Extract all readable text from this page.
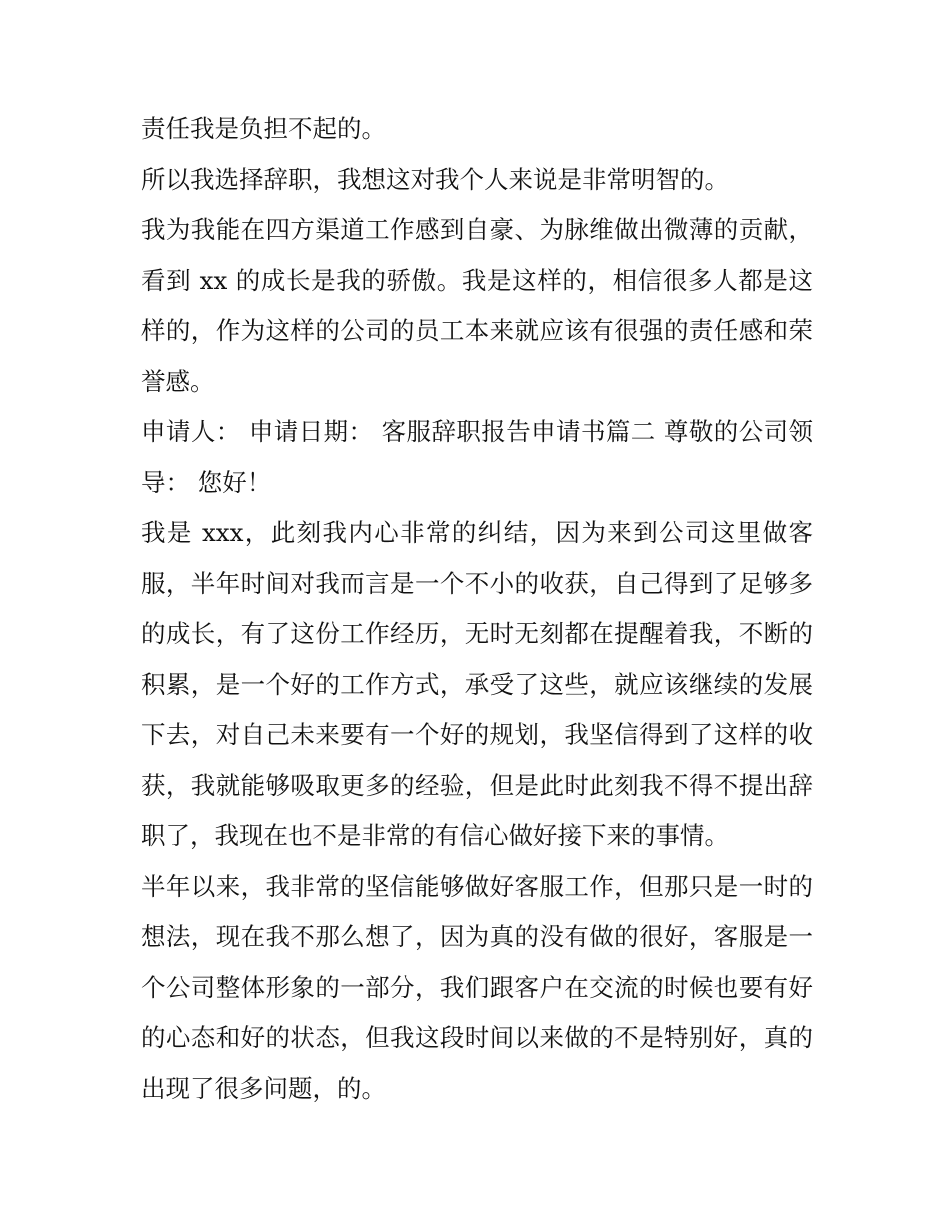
责任我是负担不起的。

所以我选择辞职，我想这对我个人来说是非常明智的。

我为我能在四方渠道工作感到自豪、为脉维做出微薄的贡献，看到 xx 的成长是我的骄傲。我是这样的，相信很多人都是这样的，作为这样的公司的员工本来就应该有很强的责任感和荣誉感。

申请人： 申请日期： 客服辞职报告申请书篇二 尊敬的公司领导： 您好！

我是 xxx，此刻我内心非常的纠结，因为来到公司这里做客服，半年时间对我而言是一个不小的收获，自己得到了足够多的成长，有了这份工作经历，无时无刻都在提醒着我，不断的积累，是一个好的工作方式，承受了这些，就应该继续的发展下去，对自己未来要有一个好的规划，我坚信得到了这样的收获，我就能够吸取更多的经验，但是此时此刻我不得不提出辞职了，我现在也不是非常的有信心做好接下来的事情。

半年以来，我非常的坚信能够做好客服工作，但那只是一时的想法，现在我不那么想了，因为真的没有做的很好，客服是一个公司整体形象的一部分，我们跟客户在交流的时候也要有好的心态和好的状态，但我这段时间以来做的不是特别好，真的出现了很多问题，的。
